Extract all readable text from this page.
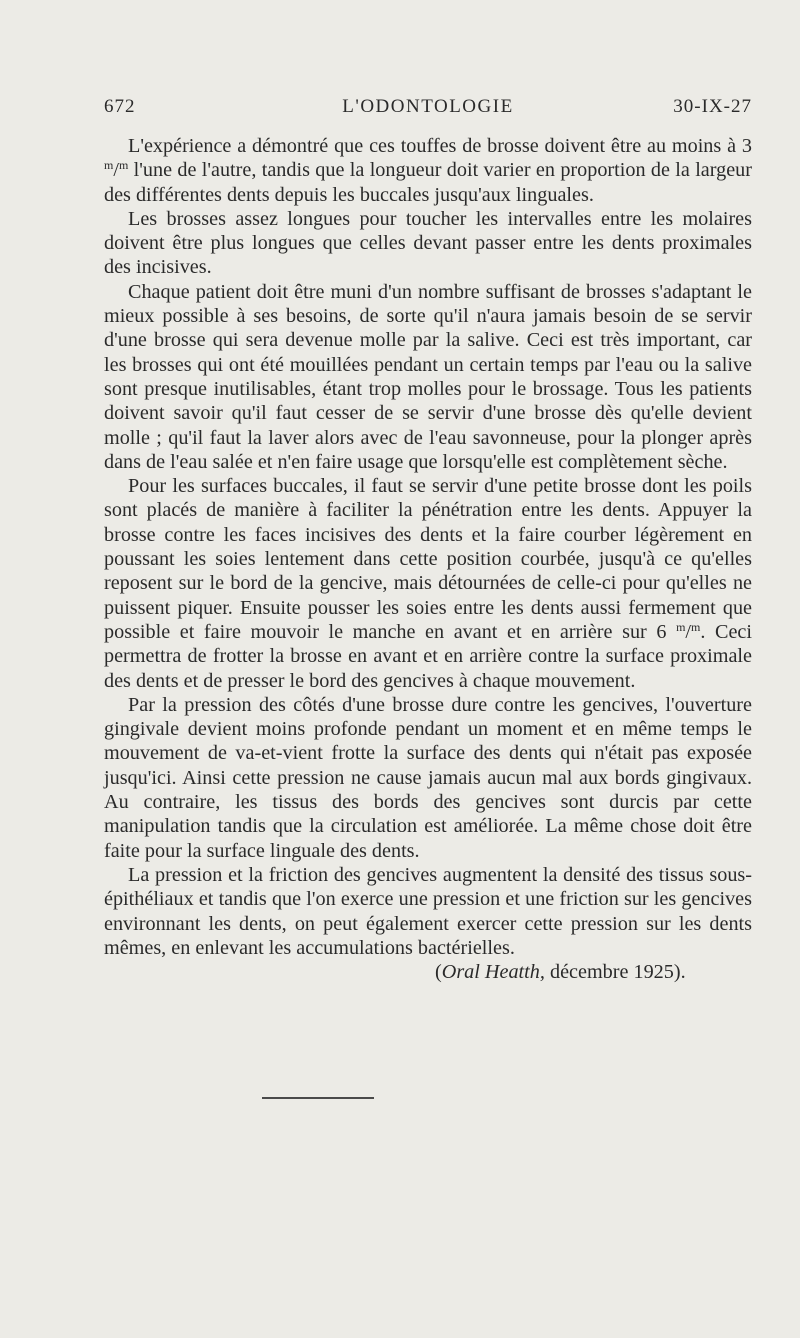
672	L'ODONTOLOGIE	30-IX-27

L'expérience a démontré que ces touffes de brosse doivent être au moins à 3 $^m$/$^m$ l'une de l'autre, tandis que la longueur doit varier en proportion de la largeur des différentes dents depuis les buccales jusqu'aux linguales.

Les brosses assez longues pour toucher les intervalles entre les molaires doivent être plus longues que celles devant passer entre les dents proximales des incisives.

Chaque patient doit être muni d'un nombre suffisant de brosses s'adaptant le mieux possible à ses besoins, de sorte qu'il n'aura jamais besoin de se servir d'une brosse qui sera devenue molle par la salive. Ceci est très important, car les brosses qui ont été mouillées pendant un certain temps par l'eau ou la salive sont presque inutilisables, étant trop molles pour le brossage. Tous les patients doivent savoir qu'il faut cesser de se servir d'une brosse dès qu'elle devient molle ; qu'il faut la laver alors avec de l'eau savonneuse, pour la plonger après dans de l'eau salée et n'en faire usage que lorsqu'elle est complètement sèche.

Pour les surfaces buccales, il faut se servir d'une petite brosse dont les poils sont placés de manière à faciliter la pénétration entre les dents. Appuyer la brosse contre les faces incisives des dents et la faire courber légèrement en poussant les soies lentement dans cette position courbée, jusqu'à ce qu'elles reposent sur le bord de la gencive, mais détournées de celle-ci pour qu'elles ne puissent piquer. Ensuite pousser les soies entre les dents aussi fermement que possible et faire mouvoir le manche en avant et en arrière sur 6 $^m$/$^m$. Ceci permettra de frotter la brosse en avant et en arrière contre la surface proximale des dents et de presser le bord des gencives à chaque mouvement.

Par la pression des côtés d'une brosse dure contre les gencives, l'ouverture gingivale devient moins profonde pendant un moment et en même temps le mouvement de va-et-vient frotte la surface des dents qui n'était pas exposée jusqu'ici. Ainsi cette pression ne cause jamais aucun mal aux bords gingivaux. Au contraire, les tissus des bords des gencives sont durcis par cette manipulation tandis que la circulation est améliorée. La même chose doit être faite pour la surface linguale des dents.

La pression et la friction des gencives augmentent la densité des tissus sous-épithéliaux et tandis que l'on exerce une pression et une friction sur les gencives environnant les dents, on peut également exercer cette pression sur les dents mêmes, en enlevant les accumulations bactérielles.

(Oral Heatth, décembre 1925).
